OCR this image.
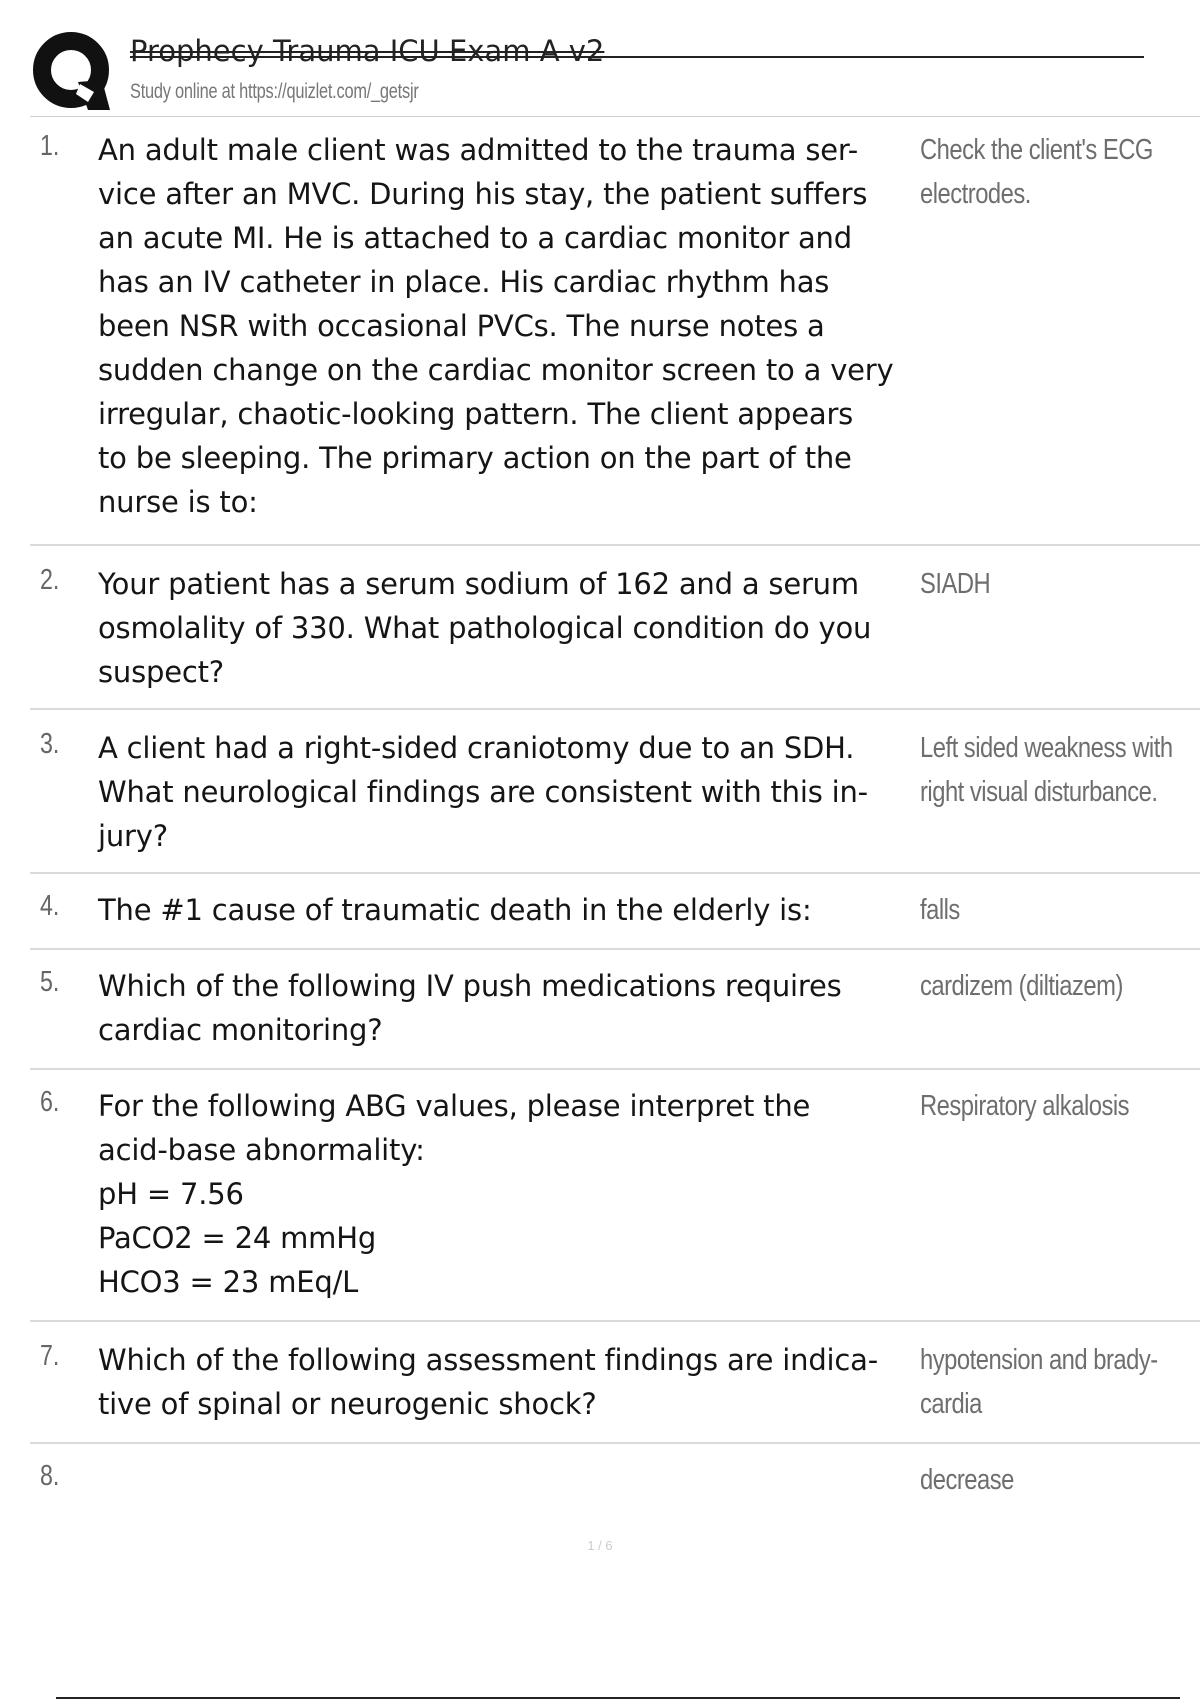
Prophecy Trauma ICU Exam A v2
Study online at https://quizlet.com/_getsjr
1. An adult male client was admitted to the trauma ser-
vice after an MVC. During his stay, the patient suffers
an acute MI. He is attached to a cardiac monitor and
has an IV catheter in place. His cardiac rhythm has
been NSR with occasional PVCs. The nurse notes a
sudden change on the cardiac monitor screen to a very
irregular, chaotic-looking pattern. The client appears
to be sleeping. The primary action on the part of the
nurse is to:
Check the client's ECG
electrodes.
2. Your patient has a serum sodium of 162 and a serum
osmolality of 330. What pathological condition do you
suspect?
SIADH
3. A client had a right-sided craniotomy due to an SDH.
What neurological findings are consistent with this in-
jury?
Left sided weakness with
right visual disturbance.
4. The #1 cause of traumatic death in the elderly is:	falls
5. Which of the following IV push medications requires
cardiac monitoring?
cardizem (diltiazem)
6. For the following ABG values, please interpret the
acid-base abnormality:
pH = 7.56
PaCO2 = 24 mmHg
HCO3 = 23 mEq/L
Respiratory alkalosis
7. Which of the following assessment findings are indica-
tive of spinal or neurogenic shock?
hypotension and brady-
cardia
8.	decrease
1 / 6
